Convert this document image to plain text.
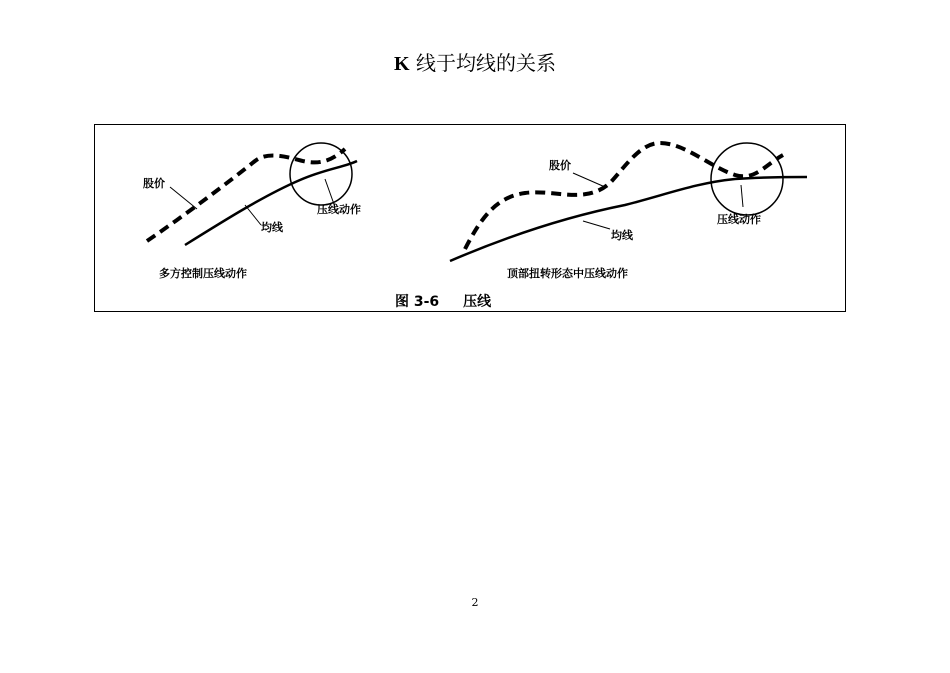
K 线于均线的关系
股价
均线
压线动作
多方控制压线动作
股价
均线
压线动作
顶部扭转形态中压线动作
图 3-6 压线
2
